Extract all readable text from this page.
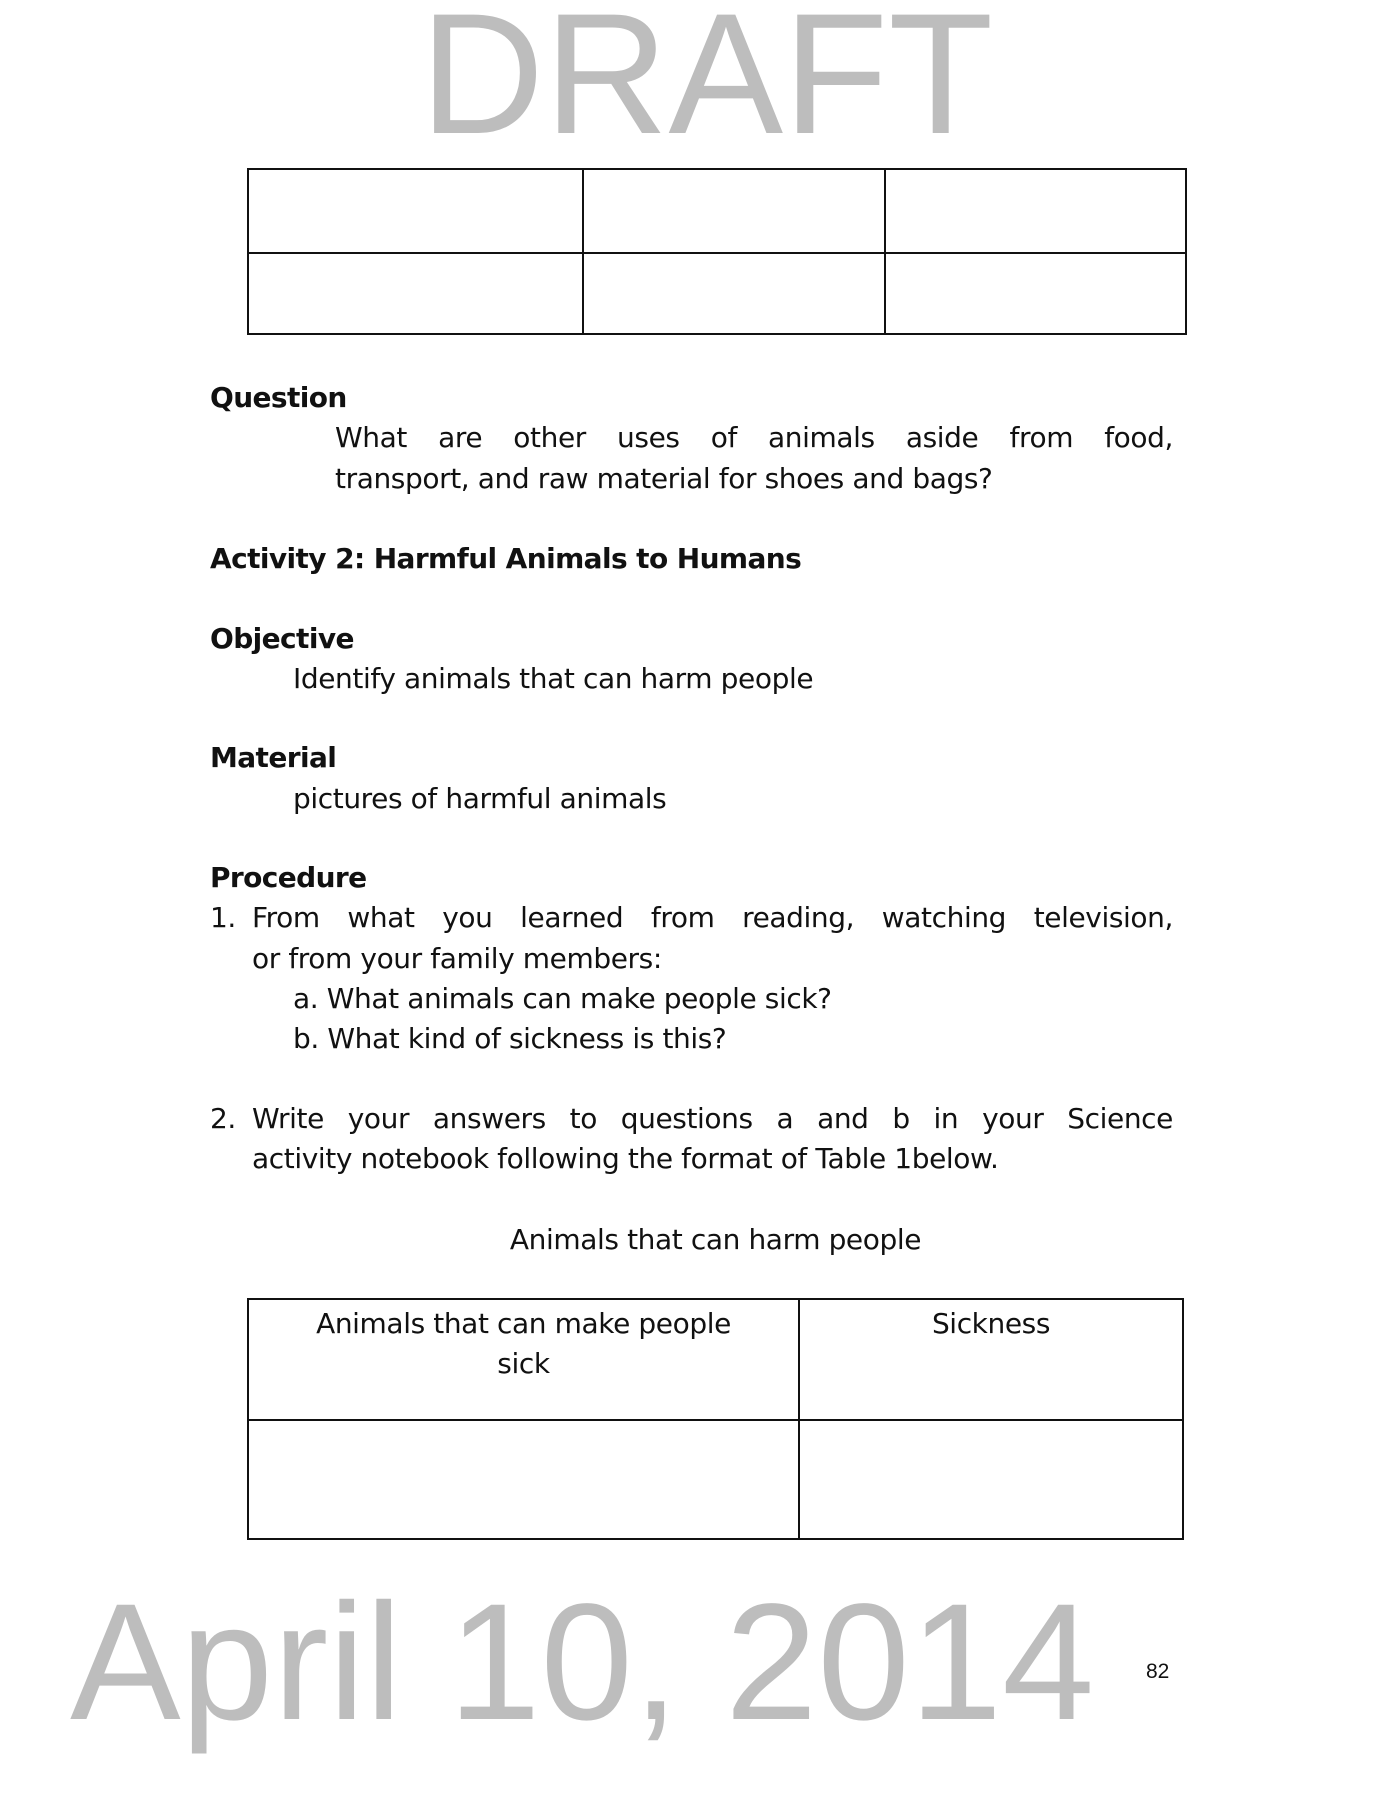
DRAFT
April 10, 2014
Question
What are other uses of animals aside from food,
transport, and raw material for shoes and bags?
Activity 2: Harmful Animals to Humans
Objective
Identify animals that can harm people
Material
pictures of harmful animals
Procedure
1. From what you learned from reading, watching television,
or from your family members:
a. What animals can make people sick?
b. What kind of sickness is this?
2. Write your answers to questions a and b in your Science
activity notebook following the format of Table 1below.
Animals that can harm people
Animals that can make people sick	Sickness

82
